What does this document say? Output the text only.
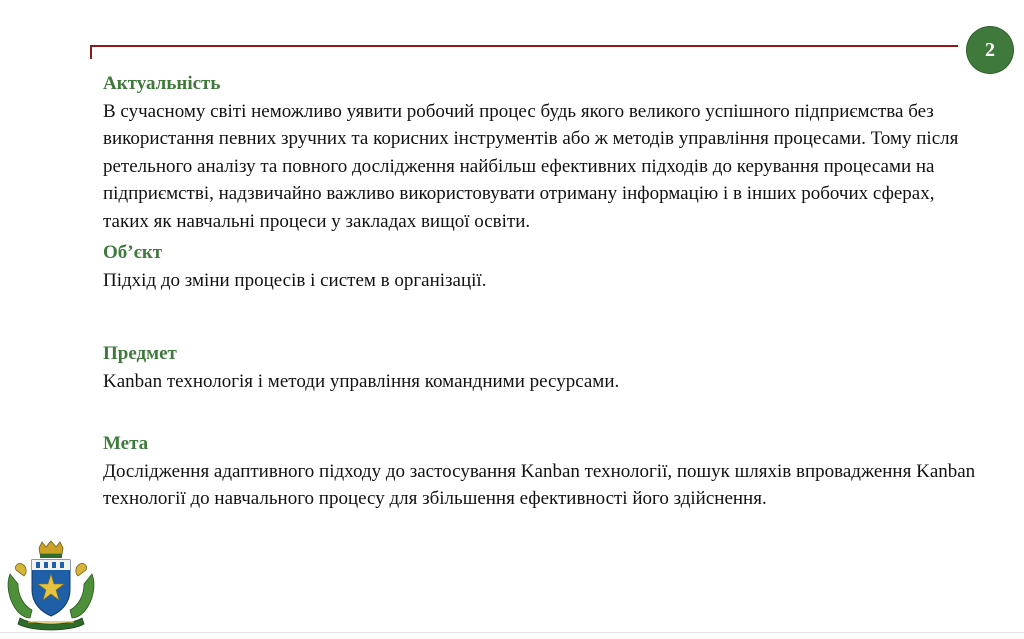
2

Актуальність

В сучасному світі неможливо уявити робочий процес будь якого великого успішного підприємства без використання певних зручних та корисних інструментів або ж методів управління процесами. Тому після ретельного аналізу та повного дослідження найбільш ефективних підходів до керування процесами на підприємстві, надзвичайно важливо використовувати отриману інформацію і в інших робочих сферах, таких як навчальні процеси у закладах вищої освіти.

Об’єкт

Підхід до зміни процесів і систем в організації.

Предмет

Kanban технологія і методи управління командними ресурсами.

Мета

Дослідження адаптивного підходу до застосування Kanban технології, пошук шляхів впровадження Kanban технології до навчального процесу для збільшення ефективності його здійснення.
